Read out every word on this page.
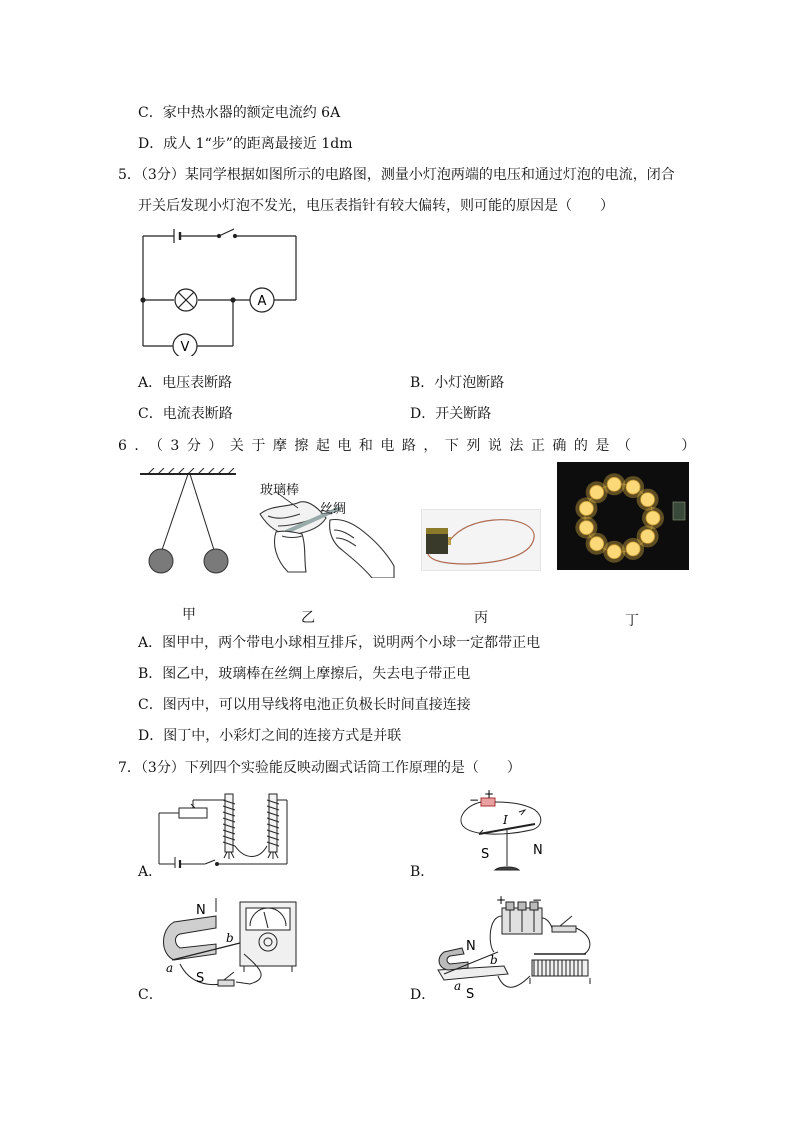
C．家中热水器的额定电流约 6A
D．成人 1“步”的距离最接近 1dm
5．（3分）某同学根据如图所示的电路图，测量小灯泡两端的电压和通过灯泡的电流，闭合
开关后发现小灯泡不发光，电压表指针有较大偏转，则可能的原因是（　　）
A
V
A．电压表断路	B．小灯泡断路
C．电流表断路	D．开关断路
6．（3分）关于摩擦起电和电路，下列说法正确的是（　　）
玻璃棒
丝绸
甲	乙	丙	丁
A．图甲中，两个带电小球相互排斥，说明两个小球一定都带正电
B．图乙中，玻璃棒在丝绸上摩擦后，失去电子带正电
C．图丙中，可以用导线将电池正负极长时间直接连接
D．图丁中，小彩灯之间的连接方式是并联
7．（3分）下列四个实验能反映动圈式话筒工作原理的是（　　）
A．
+
−
I
S	N
B．
N
S
a
b
C．
+ −
N
S
a
b
D．
